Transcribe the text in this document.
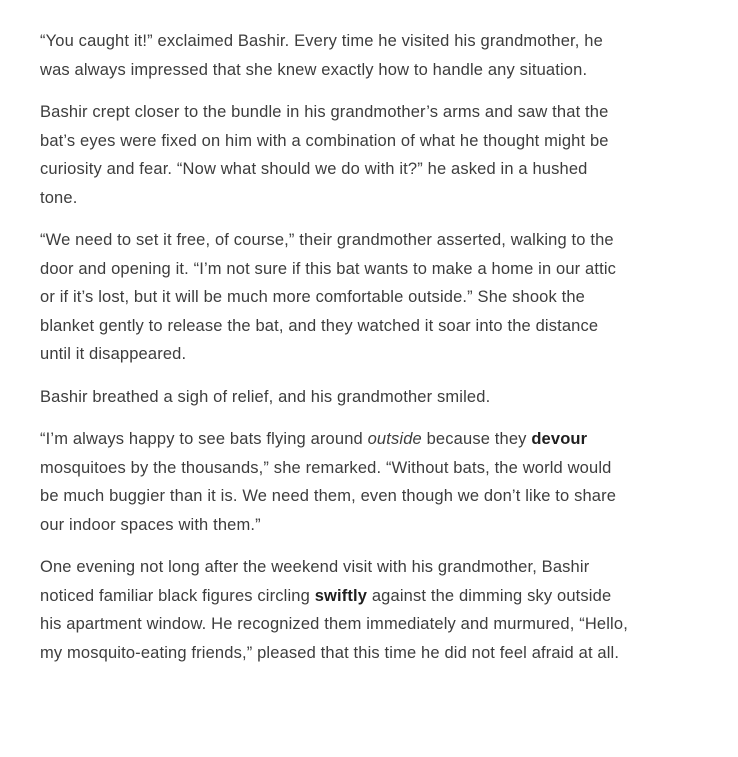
“You caught it!” exclaimed Bashir. Every time he visited his grandmother, he was always impressed that she knew exactly how to handle any situation.

Bashir crept closer to the bundle in his grandmother’s arms and saw that the bat’s eyes were fixed on him with a combination of what he thought might be curiosity and fear. “Now what should we do with it?” he asked in a hushed tone.

“We need to set it free, of course,” their grandmother asserted, walking to the door and opening it. “I’m not sure if this bat wants to make a home in our attic or if it’s lost, but it will be much more comfortable outside.” She shook the blanket gently to release the bat, and they watched it soar into the distance until it disappeared.

Bashir breathed a sigh of relief, and his grandmother smiled.

“I’m always happy to see bats flying around outside because they devour mosquitoes by the thousands,” she remarked. “Without bats, the world would be much buggier than it is. We need them, even though we don’t like to share our indoor spaces with them.”

One evening not long after the weekend visit with his grandmother, Bashir noticed familiar black figures circling swiftly against the dimming sky outside his apartment window. He recognized them immediately and murmured, “Hello, my mosquito-eating friends,” pleased that this time he did not feel afraid at all.
